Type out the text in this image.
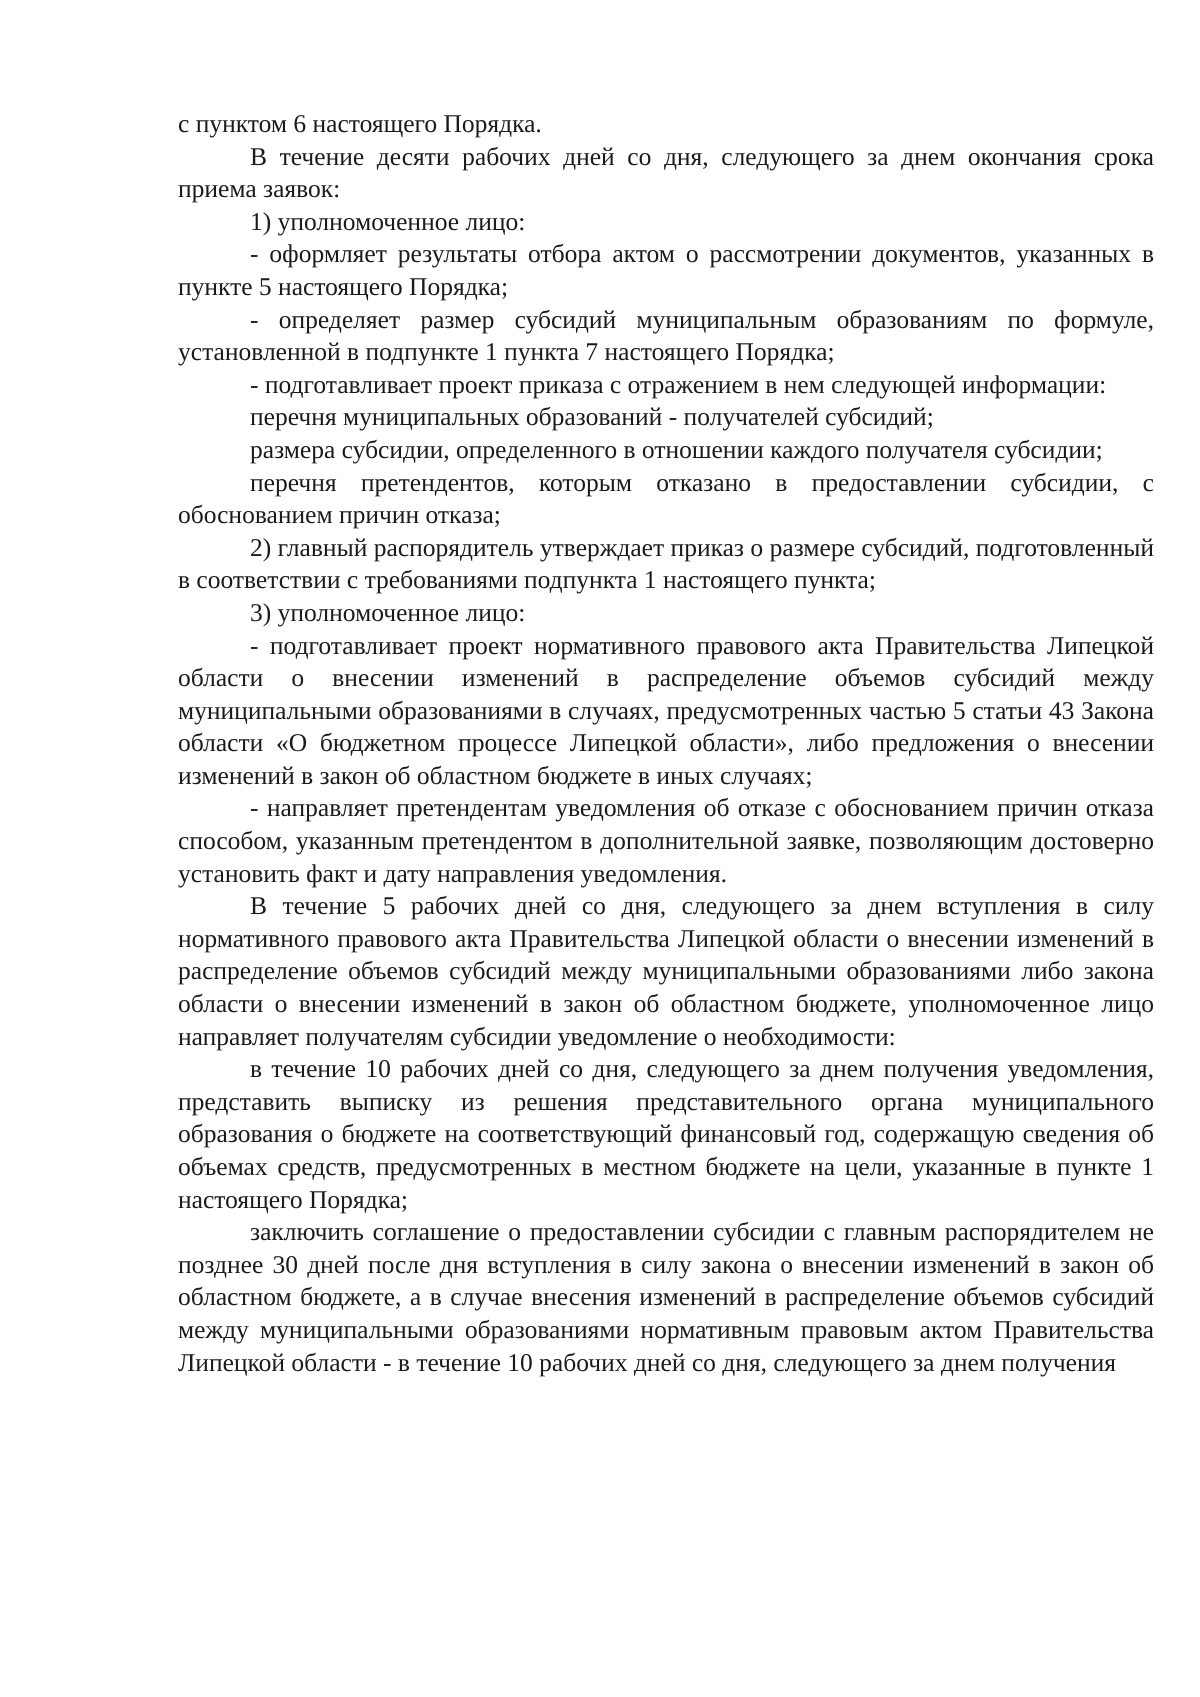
с пунктом 6 настоящего Порядка.

В течение десяти рабочих дней со дня, следующего за днем окончания срока приема заявок:

1) уполномоченное лицо:

- оформляет результаты отбора актом о рассмотрении документов, указанных в пункте 5 настоящего Порядка;

- определяет размер субсидий муниципальным образованиям по формуле, установленной в подпункте 1 пункта 7 настоящего Порядка;

- подготавливает проект приказа с отражением в нем следующей информации:

перечня муниципальных образований - получателей субсидий;

размера субсидии, определенного в отношении каждого получателя субсидии;

перечня претендентов, которым отказано в предоставлении субсидии, с обоснованием причин отказа;

2) главный распорядитель утверждает приказ о размере субсидий, подготовленный в соответствии с требованиями подпункта 1 настоящего пункта;

3) уполномоченное лицо:

- подготавливает проект нормативного правового акта Правительства Липецкой области о внесении изменений в распределение объемов субсидий между муниципальными образованиями в случаях, предусмотренных частью 5 статьи 43 Закона области «О бюджетном процессе Липецкой области», либо предложения о внесении изменений в закон об областном бюджете в иных случаях;

- направляет претендентам уведомления об отказе с обоснованием причин отказа способом, указанным претендентом в дополнительной заявке, позволяющим достоверно установить факт и дату направления уведомления.

В течение 5 рабочих дней со дня, следующего за днем вступления в силу нормативного правового акта Правительства Липецкой области о внесении изменений в распределение объемов субсидий между муниципальными образованиями либо закона области о внесении изменений в закон об областном бюджете, уполномоченное лицо направляет получателям субсидии уведомление о необходимости:

в течение 10 рабочих дней со дня, следующего за днем получения уведомления, представить выписку из решения представительного органа муниципального образования о бюджете на соответствующий финансовый год, содержащую сведения об объемах средств, предусмотренных в местном бюджете на цели, указанные в пункте 1 настоящего Порядка;

заключить соглашение о предоставлении субсидии с главным распорядителем не позднее 30 дней после дня вступления в силу закона о внесении изменений в закон об областном бюджете, а в случае внесения изменений в распределение объемов субсидий между муниципальными образованиями нормативным правовым актом Правительства Липецкой области - в течение 10 рабочих дней со дня, следующего за днем получения
